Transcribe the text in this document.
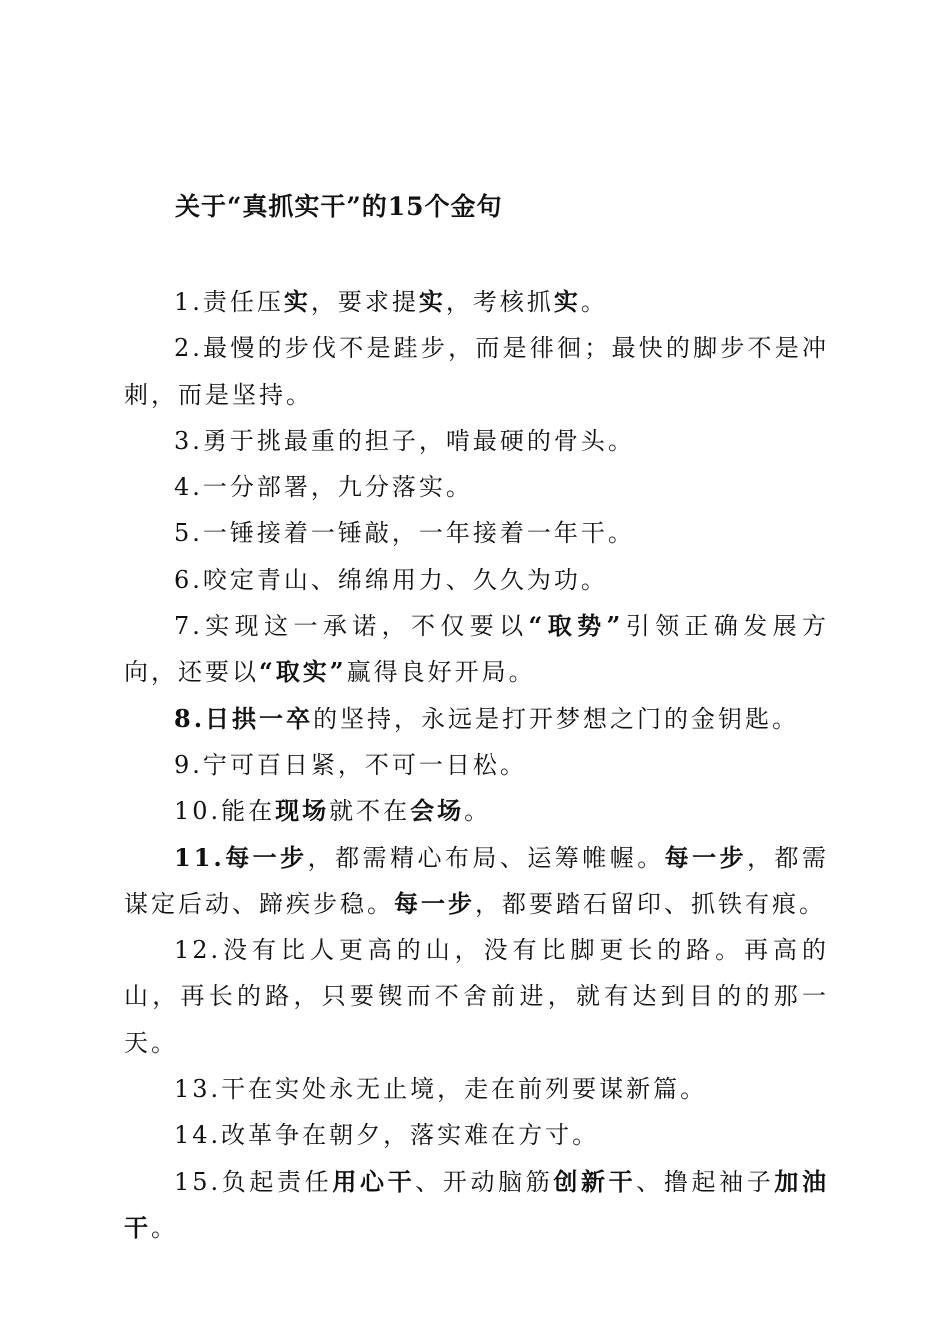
关于“真抓实干”的15个金句

1.责任压实，要求提实，考核抓实。

2.最慢的步伐不是跬步，而是徘徊；最快的脚步不是冲刺，而是坚持。

3.勇于挑最重的担子，啃最硬的骨头。

4.一分部署，九分落实。

5.一锤接着一锤敲，一年接着一年干。

6.咬定青山、绵绵用力、久久为功。

7.实现这一承诺，不仅要以“取势”引领正确发展方向，还要以“取实”赢得良好开局。

8.日拱一卒的坚持，永远是打开梦想之门的金钥匙。

9.宁可百日紧，不可一日松。

10.能在现场就不在会场。

11.每一步，都需精心布局、运筹帷幄。每一步，都需谋定后动、蹄疾步稳。每一步，都要踏石留印、抓铁有痕。

12.没有比人更高的山，没有比脚更长的路。再高的山，再长的路，只要锲而不舍前进，就有达到目的的那一天。

13.干在实处永无止境，走在前列要谋新篇。

14.改革争在朝夕，落实难在方寸。

15.负起责任用心干、开动脑筋创新干、撸起袖子加油干。
